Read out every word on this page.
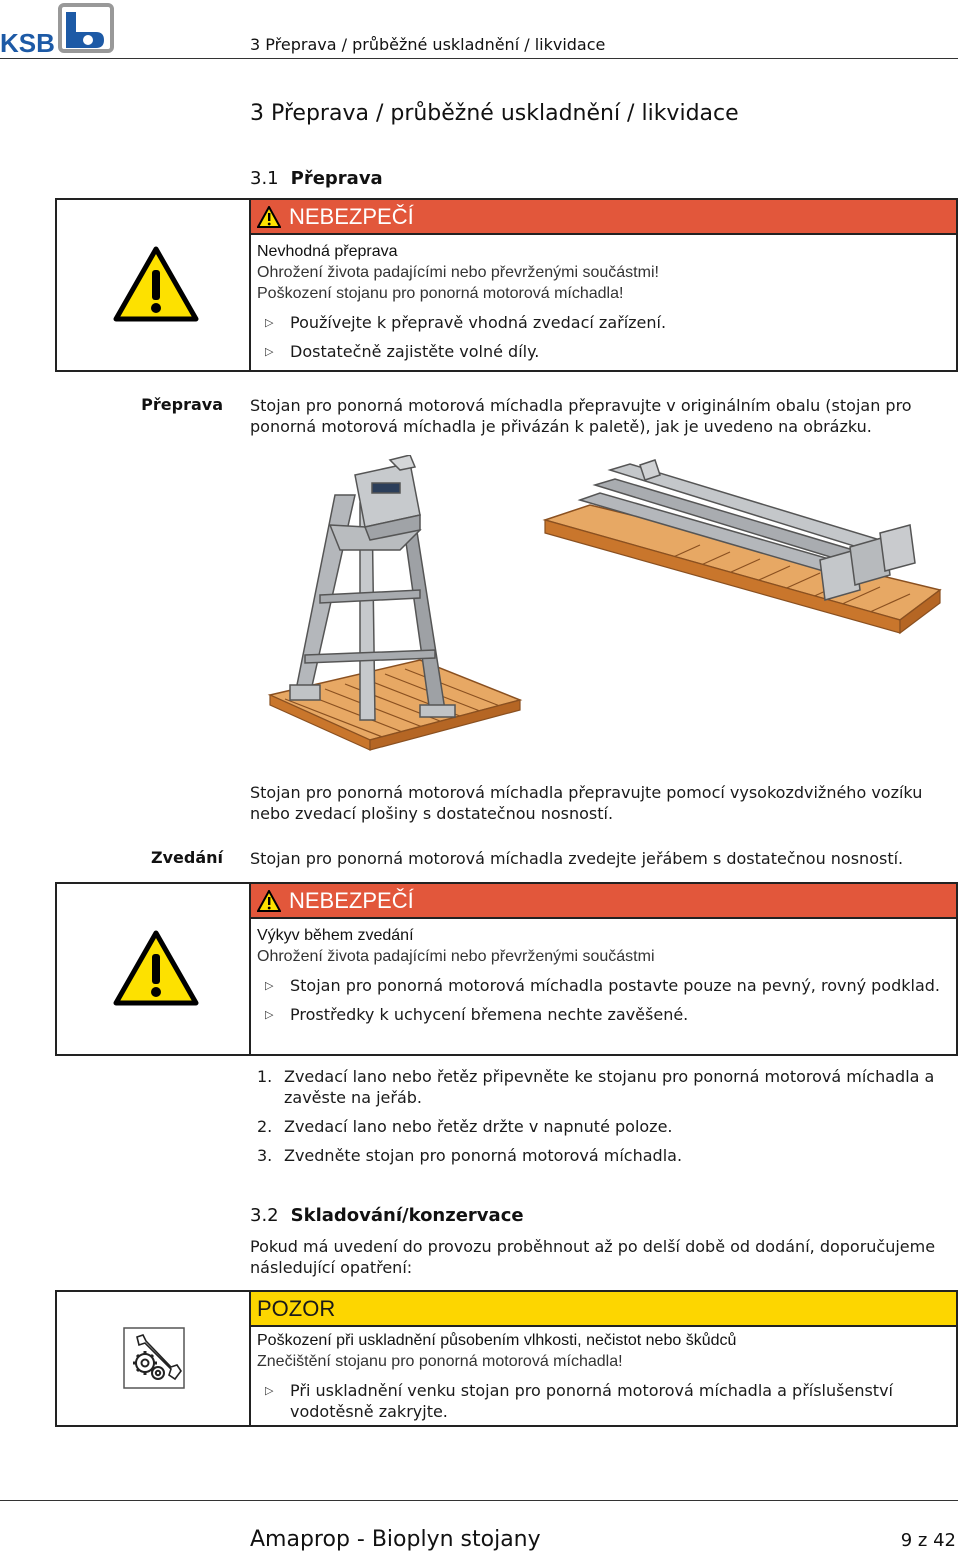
KSB	3 Přeprava / průběžné uskladnění / likvidace
3 Přeprava / průběžné uskladnění / likvidace
3.1 Přeprava
NEBEZPEČÍ
Nevhodná přeprava
Ohrožení života padajícími nebo převrženými součástmi!
Poškození stojanu pro ponorná motorová míchadla!
▷ Používejte k přepravě vhodná zvedací zařízení.
▷ Dostatečně zajistěte volné díly.
Přeprava Stojan pro ponorná motorová míchadla přepravujte v originálním obalu (stojan pro ponorná motorová míchadla je přivázán k paletě), jak je uvedeno na obrázku.
Stojan pro ponorná motorová míchadla přepravujte pomocí vysokozdvižného vozíku nebo zvedací plošiny s dostatečnou nosností.
Zvedání Stojan pro ponorná motorová míchadla zvedejte jeřábem s dostatečnou nosností.
NEBEZPEČÍ
Výkyv během zvedání
Ohrožení života padajícími nebo převrženými součástmi
▷ Stojan pro ponorná motorová míchadla postavte pouze na pevný, rovný podklad.
▷ Prostředky k uchycení břemena nechte zavěšené.
1. Zvedací lano nebo řetěz připevněte ke stojanu pro ponorná motorová míchadla a zavěste na jeřáb.
2. Zvedací lano nebo řetěz držte v napnuté poloze.
3. Zvedněte stojan pro ponorná motorová míchadla.
3.2 Skladování/konzervace
Pokud má uvedení do provozu proběhnout až po delší době od dodání, doporučujeme následující opatření:
POZOR
Poškození při uskladnění působením vlhkosti, nečistot nebo škůdců
Znečištění stojanu pro ponorná motorová míchadla!
▷ Při uskladnění venku stojan pro ponorná motorová míchadla a příslušenství vodotěsně zakryjte.
Amaprop - Bioplyn stojany	9 z 42
